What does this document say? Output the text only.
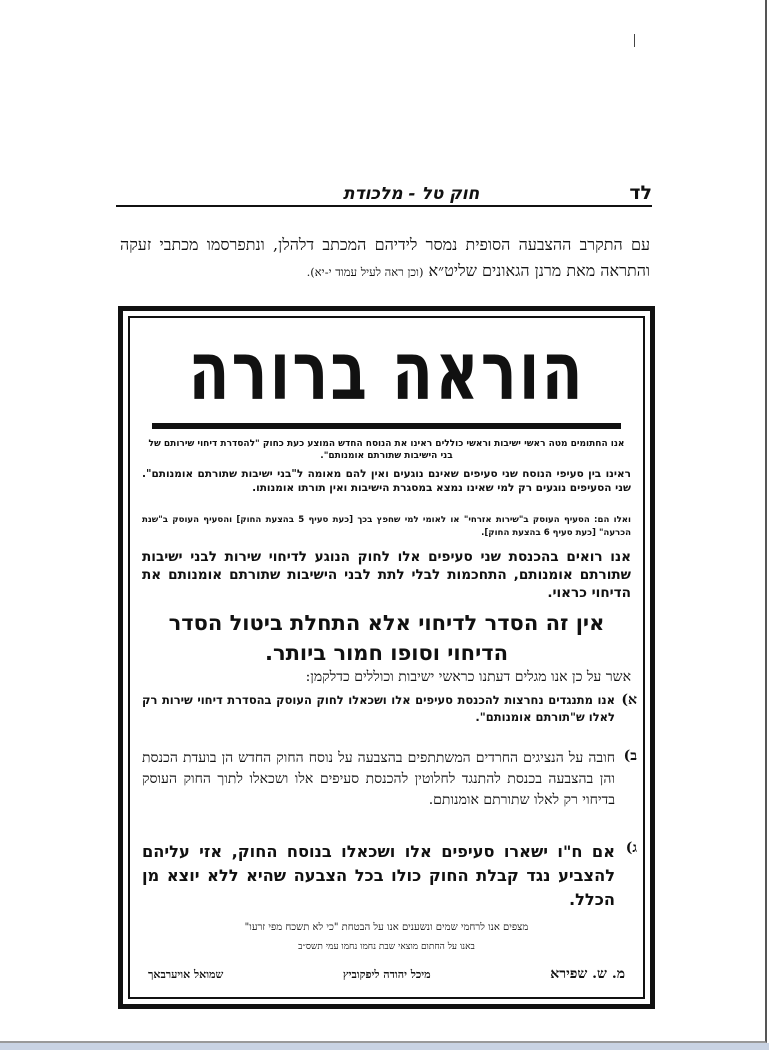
לד
חוק טל - מלכודת
עם התקרב ההצבעה הסופית נמסר לידיהם המכתב דלהלן, ונתפרסמו מכתבי זעקה והתראה מאת מרנן הגאונים שליט״א (וכן ראה לעיל עמוד י-יא).
הוראה ברורה
אנו החתומים מטה ראשי ישיבות וראשי כוללים ראינו את הנוסח החדש המוצע כעת כחוק "להסדרת דיחוי שירותם של בני הישיבות שתורתם אומנותם".
ראינו בין סעיפי הנוסח שני סעיפים שאינם נוגעים ואין להם מאומה ל"בני ישיבות שתורתם אומנותם". שני הסעיפים נוגעים רק למי שאינו נמצא במסגרת הישיבות ואין תורתו אומנותו.
ואלו הם: הסעיף העוסק ב"שירות אזרחי" או לאומי למי שחפץ בכך [כעת סעיף 5 בהצעת החוק] והסעיף העוסק ב"שנת הכרעה" [כעת סעיף 6 בהצעת החוק].
אנו רואים בהכנסת שני סעיפים אלו לחוק הנוגע לדיחוי שירות לבני ישיבות שתורתם אומנותם, התחכמות לבלי לתת לבני הישיבות שתורתם אומנותם את הדיחוי כראוי.
אין זה הסדר לדיחוי אלא התחלת ביטול הסדר הדיחוי וסופו חמור ביותר.
אשר על כן אנו מגלים דעתנו כראשי ישיבות וכוללים כדלקמן:
א)
אנו מתנגדים נחרצות להכנסת סעיפים אלו ושכאלו לחוק העוסק בהסדרת דיחוי שירות רק לאלו ש"תורתם אומנותם".
ב)
חובה על הנציגים החרדים המשתתפים בהצבעה על נוסח החוק החדש הן בועדת הכנסת והן בהצבעה בכנסת להתנגד לחלוטין להכנסת סעיפים אלו ושכאלו לתוך החוק העוסק בדיחוי רק לאלו שתורתם אומנותם.
ג)
אם ח"ו ישארו סעיפים אלו ושכאלו בנוסח החוק, אזי עליהם להצביע נגד קבלת החוק כולו בכל הצבעה שהיא ללא יוצא מן הכלל.
מצפים אנו לרחמי שמים ונשענים אנו על הבטחת "כי לא תשכח מפי זרעו"
באנו על החתום מוצאי שבת נחמו נחמו עמי תשס״ב
מ. ש. שפירא
מיכל יהודה ליפקוביץ
שמואל אויערבאך
